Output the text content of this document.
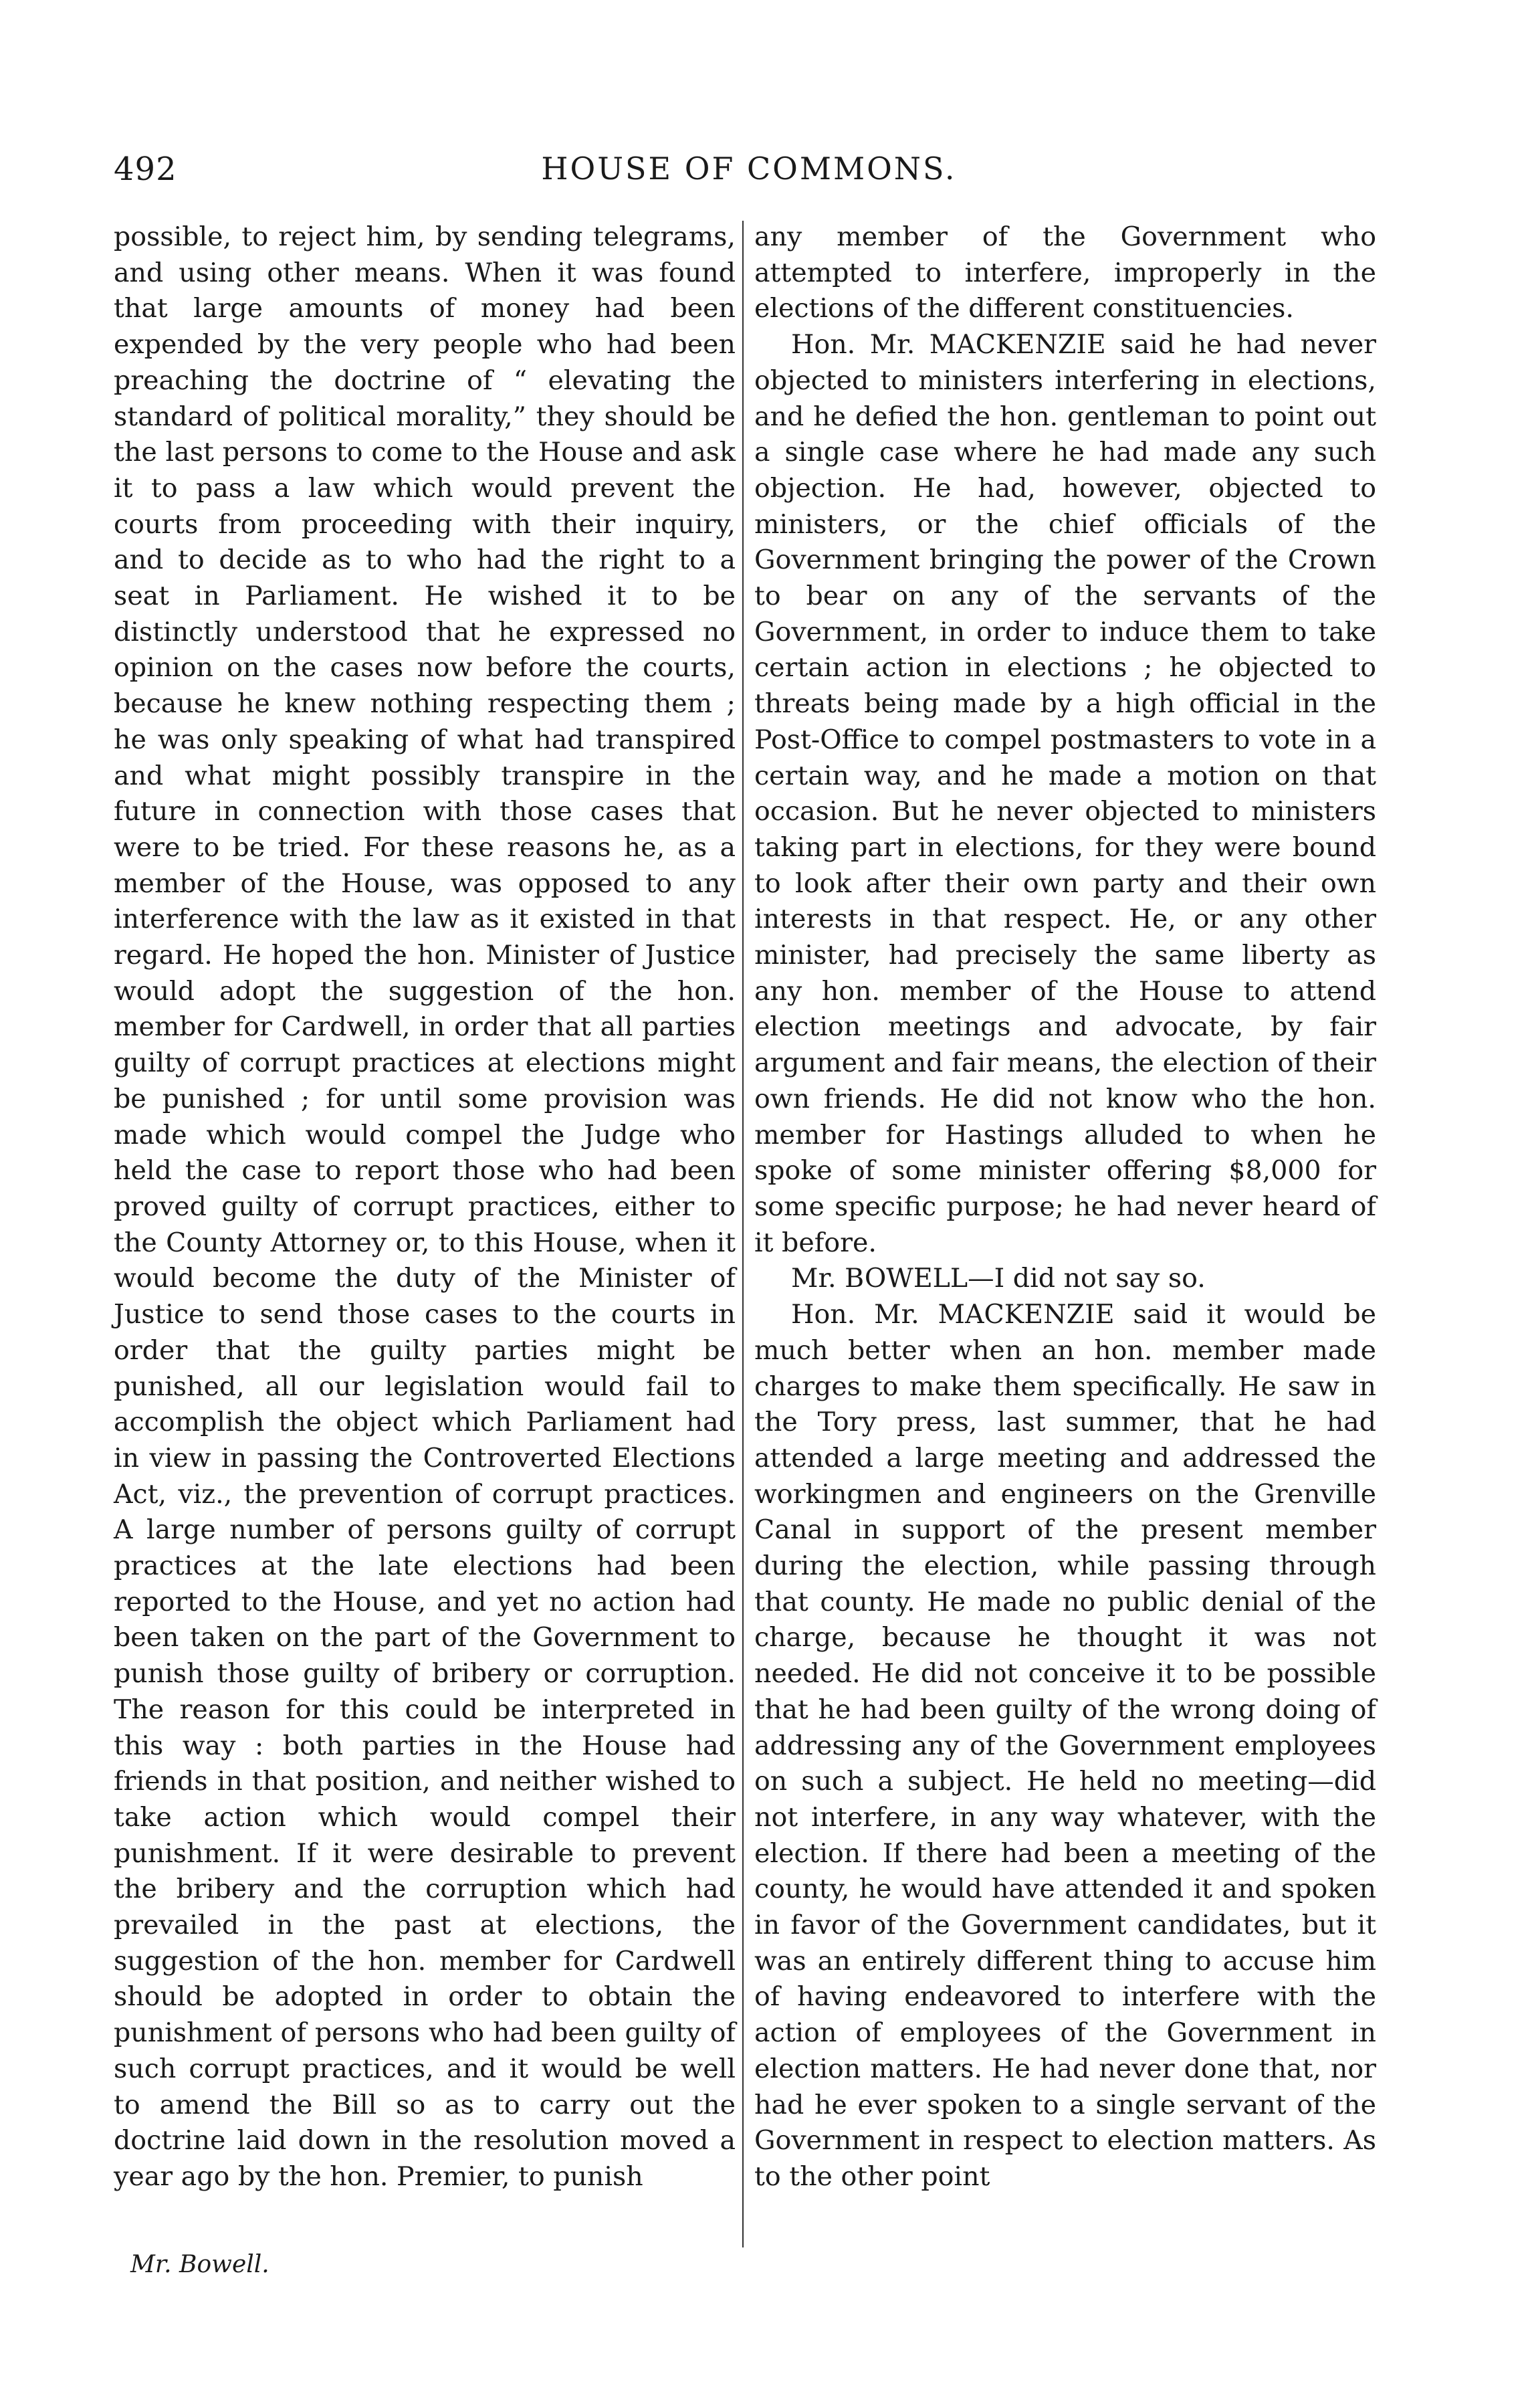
492	HOUSE OF COMMONS.

possible, to reject him, by sending telegrams, and using other means. When it was found that large amounts of money had been expended by the very people who had been preaching the doctrine of “ elevating the standard of political morality,” they should be the last persons to come to the House and ask it to pass a law which would prevent the courts from proceeding with their inquiry, and to decide as to who had the right to a seat in Parliament. He wished it to be distinctly understood that he expressed no opinion on the cases now before the courts, because he knew nothing respecting them ; he was only speaking of what had transpired and what might possibly transpire in the future in connection with those cases that were to be tried. For these reasons he, as a member of the House, was opposed to any interference with the law as it existed in that regard. He hoped the hon. Minister of Justice would adopt the suggestion of the hon. member for Cardwell, in order that all parties guilty of corrupt practices at elections might be punished ; for until some provision was made which would compel the Judge who held the case to report those who had been proved guilty of corrupt practices, either to the County Attorney or, to this House, when it would become the duty of the Minister of Justice to send those cases to the courts in order that the guilty parties might be punished, all our legislation would fail to accomplish the object which Parliament had in view in passing the Controverted Elections Act, viz., the prevention of corrupt practices. A large number of persons guilty of corrupt practices at the late elections had been reported to the House, and yet no action had been taken on the part of the Government to punish those guilty of bribery or corruption. The reason for this could be interpreted in this way : both parties in the House had friends in that position, and neither wished to take action which would compel their punishment. If it were desirable to prevent the bribery and the corruption which had prevailed in the past at elections, the suggestion of the hon. member for Cardwell should be adopted in order to obtain the punishment of persons who had been guilty of such corrupt practices, and it would be well to amend the Bill so as to carry out the doctrine laid down in the resolution moved a year ago by the hon. Premier, to punish

any member of the Government who attempted to interfere, improperly in the elections of the different constituencies.

Hon. Mr. MACKENZIE said he had never objected to ministers interfering in elections, and he defied the hon. gentleman to point out a single case where he had made any such objection. He had, however, objected to ministers, or the chief officials of the Government bringing the power of the Crown to bear on any of the servants of the Government, in order to induce them to take certain action in elections ; he objected to threats being made by a high official in the Post-Office to compel postmasters to vote in a certain way, and he made a motion on that occasion. But he never objected to ministers taking part in elections, for they were bound to look after their own party and their own interests in that respect. He, or any other minister, had precisely the same liberty as any hon. member of the House to attend election meetings and advocate, by fair argument and fair means, the election of their own friends. He did not know who the hon. member for Hastings alluded to when he spoke of some minister offering $8,000 for some specific purpose; he had never heard of it before.

Mr. BOWELL—I did not say so.

Hon. Mr. MACKENZIE said it would be much better when an hon. member made charges to make them specifically. He saw in the Tory press, last summer, that he had attended a large meeting and addressed the workingmen and engineers on the Grenville Canal in support of the present member during the election, while passing through that county. He made no public denial of the charge, because he thought it was not needed. He did not conceive it to be possible that he had been guilty of the wrong doing of addressing any of the Government employees on such a subject. He held no meeting—did not interfere, in any way whatever, with the election. If there had been a meeting of the county, he would have attended it and spoken in favor of the Government candidates, but it was an entirely different thing to accuse him of having endeavored to interfere with the action of employees of the Government in election matters. He had never done that, nor had he ever spoken to a single servant of the Government in respect to election matters. As to the other point

Mr. Bowell.
